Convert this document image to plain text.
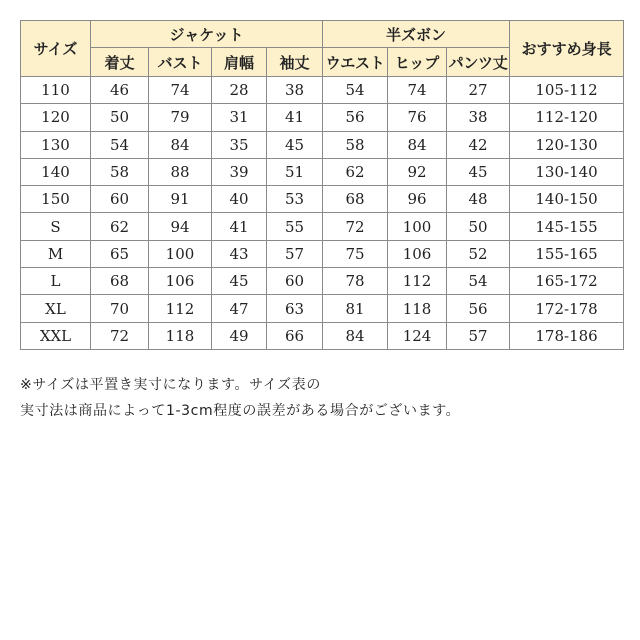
サイズ	ジャケット				半ズボン			おすすめ身長
	着丈	バスト	肩幅	袖丈	ウエスト	ヒップ	パンツ丈	
110	46	74	28	38	54	74	27	105-112
120	50	79	31	41	56	76	38	112-120
130	54	84	35	45	58	84	42	120-130
140	58	88	39	51	62	92	45	130-140
150	60	91	40	53	68	96	48	140-150
S	62	94	41	55	72	100	50	145-155
M	65	100	43	57	75	106	52	155-165
L	68	106	45	60	78	112	54	165-172
XL	70	112	47	63	81	118	56	172-178
XXL	72	118	49	66	84	124	57	178-186
※サイズは平置き実寸になります。サイズ表の
実寸法は商品によって1-3cm程度の誤差がある場合がございます。
